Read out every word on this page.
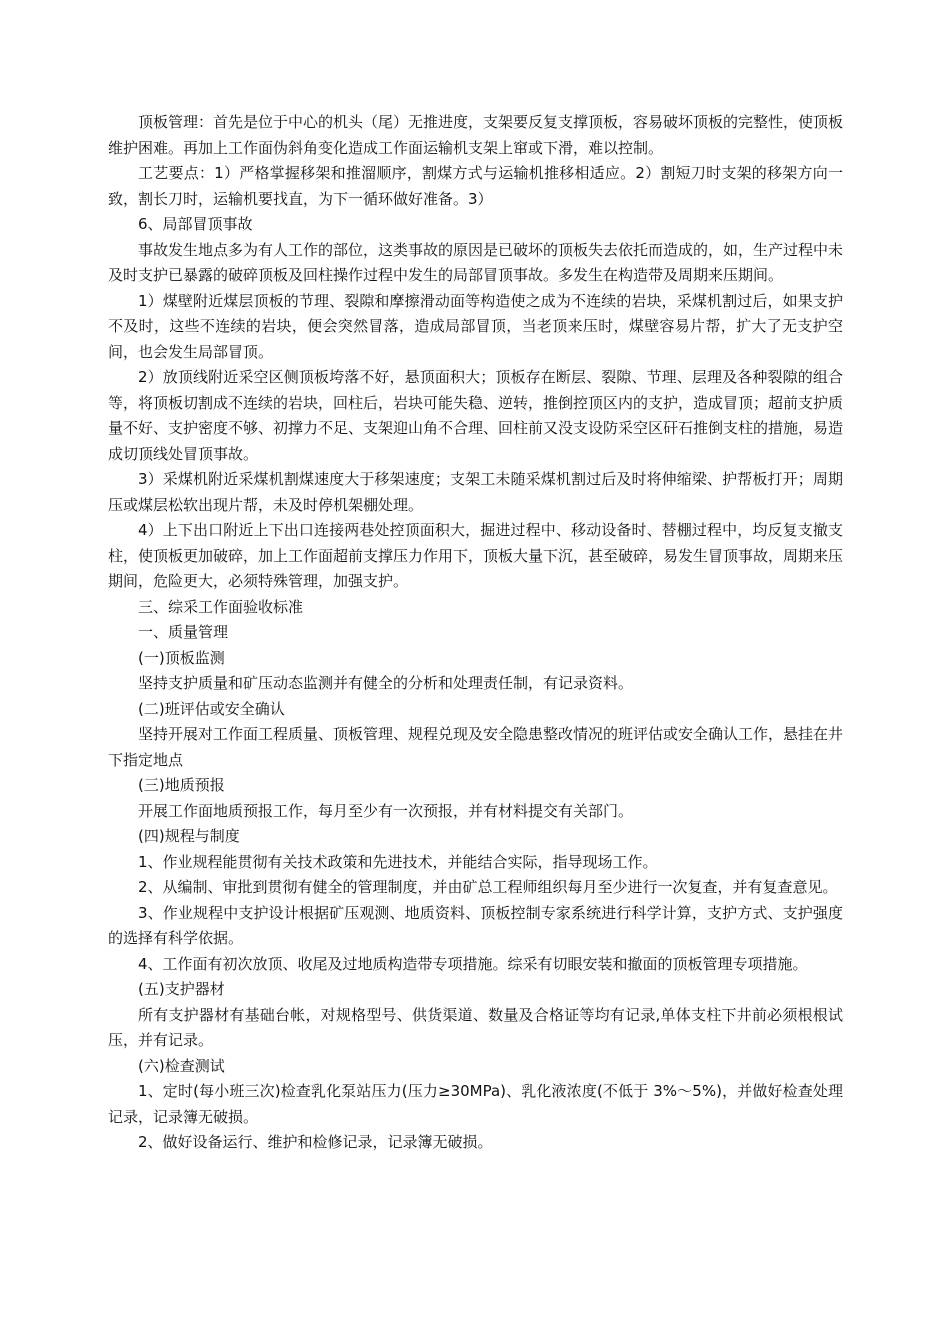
顶板管理：首先是位于中心的机头（尾）无推进度，支架要反复支撑顶板，容易破坏顶板的完整性，使顶板维护困难。再加上工作面伪斜角变化造成工作面运输机支架上窜或下滑，难以控制。

工艺要点：1）严格掌握移架和推溜顺序，割煤方式与运输机推移相适应。2）割短刀时支架的移架方向一致，割长刀时，运输机要找直，为下一循环做好准备。3）

6、局部冒顶事故

事故发生地点多为有人工作的部位，这类事故的原因是已破坏的顶板失去依托而造成的，如，生产过程中未及时支护已暴露的破碎顶板及回柱操作过程中发生的局部冒顶事故。多发生在构造带及周期来压期间。

1）煤壁附近煤层顶板的节理、裂隙和摩擦滑动面等构造使之成为不连续的岩块，采煤机割过后，如果支护不及时，这些不连续的岩块，便会突然冒落，造成局部冒顶，当老顶来压时，煤壁容易片帮，扩大了无支护空间，也会发生局部冒顶。

2）放顶线附近采空区侧顶板垮落不好，悬顶面积大；顶板存在断层、裂隙、节理、层理及各种裂隙的组合等，将顶板切割成不连续的岩块，回柱后，岩块可能失稳、逆转，推倒控顶区内的支护，造成冒顶；超前支护质量不好、支护密度不够、初撑力不足、支架迎山角不合理、回柱前又没支设防采空区矸石推倒支柱的措施，易造成切顶线处冒顶事故。

3）采煤机附近采煤机割煤速度大于移架速度；支架工未随采煤机割过后及时将伸缩梁、护帮板打开；周期压或煤层松软出现片帮，未及时停机架棚处理。

4）上下出口附近上下出口连接两巷处控顶面积大，掘进过程中、移动设备时、替棚过程中，均反复支撤支柱，使顶板更加破碎，加上工作面超前支撑压力作用下，顶板大量下沉，甚至破碎，易发生冒顶事故，周期来压期间，危险更大，必须特殊管理，加强支护。

三、综采工作面验收标准

一、质量管理

(一)顶板监测

坚持支护质量和矿压动态监测并有健全的分析和处理责任制，有记录资料。

(二)班评估或安全确认

坚持开展对工作面工程质量、顶板管理、规程兑现及安全隐患整改情况的班评估或安全确认工作，悬挂在井下指定地点

(三)地质预报

开展工作面地质预报工作，每月至少有一次预报，并有材料提交有关部门。

(四)规程与制度

1、作业规程能贯彻有关技术政策和先进技术，并能结合实际，指导现场工作。

2、从编制、审批到贯彻有健全的管理制度，并由矿总工程师组织每月至少进行一次复查，并有复查意见。

3、作业规程中支护设计根据矿压观测、地质资料、顶板控制专家系统进行科学计算，支护方式、支护强度的选择有科学依据。

4、工作面有初次放顶、收尾及过地质构造带专项措施。综采有切眼安装和撤面的顶板管理专项措施。

(五)支护器材

所有支护器材有基础台帐，对规格型号、供货渠道、数量及合格证等均有记录,单体支柱下井前必须根根试压，并有记录。

(六)检查测试

1、定时(每小班三次)检查乳化泵站压力(压力≥30MPa)、乳化液浓度(不低于 3%～5%)，并做好检查处理记录，记录簿无破损。

2、做好设备运行、维护和检修记录，记录簿无破损。
